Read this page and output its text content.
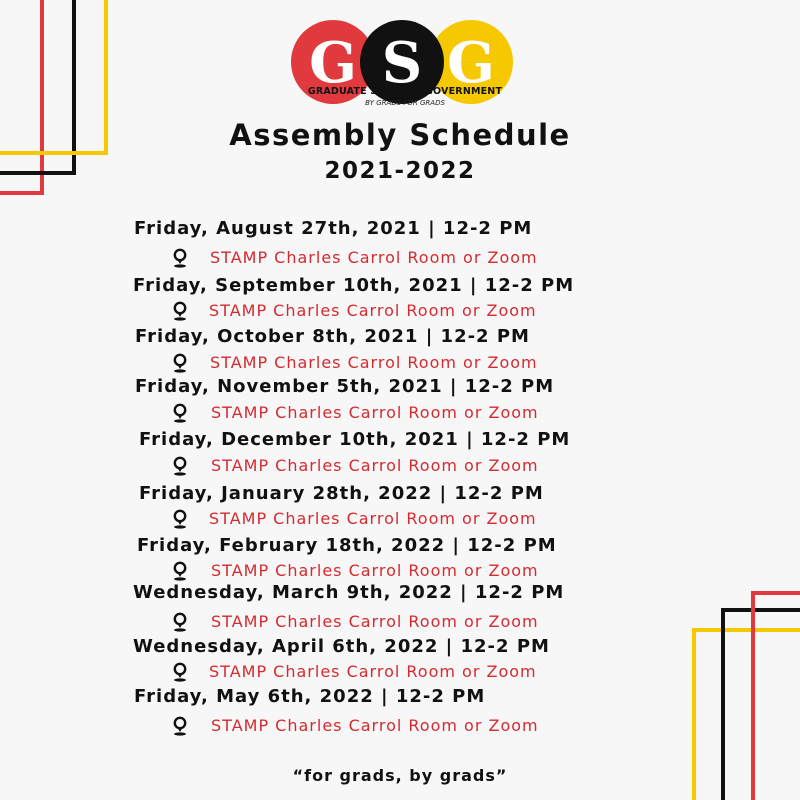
G S G
GRADUATE STUDENT GOVERNMENT
BY GRADS FOR GRADS
Assembly Schedule
2021-2022
Friday, August 27th, 2021 | 12-2 PM
STAMP Charles Carrol Room or Zoom
Friday, September 10th, 2021 | 12-2 PM
STAMP Charles Carrol Room or Zoom
Friday, October 8th, 2021 | 12-2 PM
STAMP Charles Carrol Room or Zoom
Friday, November 5th, 2021 | 12-2 PM
STAMP Charles Carrol Room or Zoom
Friday, December 10th, 2021 | 12-2 PM
STAMP Charles Carrol Room or Zoom
Friday, January 28th, 2022 | 12-2 PM
STAMP Charles Carrol Room or Zoom
Friday, February 18th, 2022 | 12-2 PM
STAMP Charles Carrol Room or Zoom
Wednesday, March 9th, 2022 | 12-2 PM
STAMP Charles Carrol Room or Zoom
Wednesday, April 6th, 2022 | 12-2 PM
STAMP Charles Carrol Room or Zoom
Friday, May 6th, 2022 | 12-2 PM
STAMP Charles Carrol Room or Zoom
“for grads, by grads”
